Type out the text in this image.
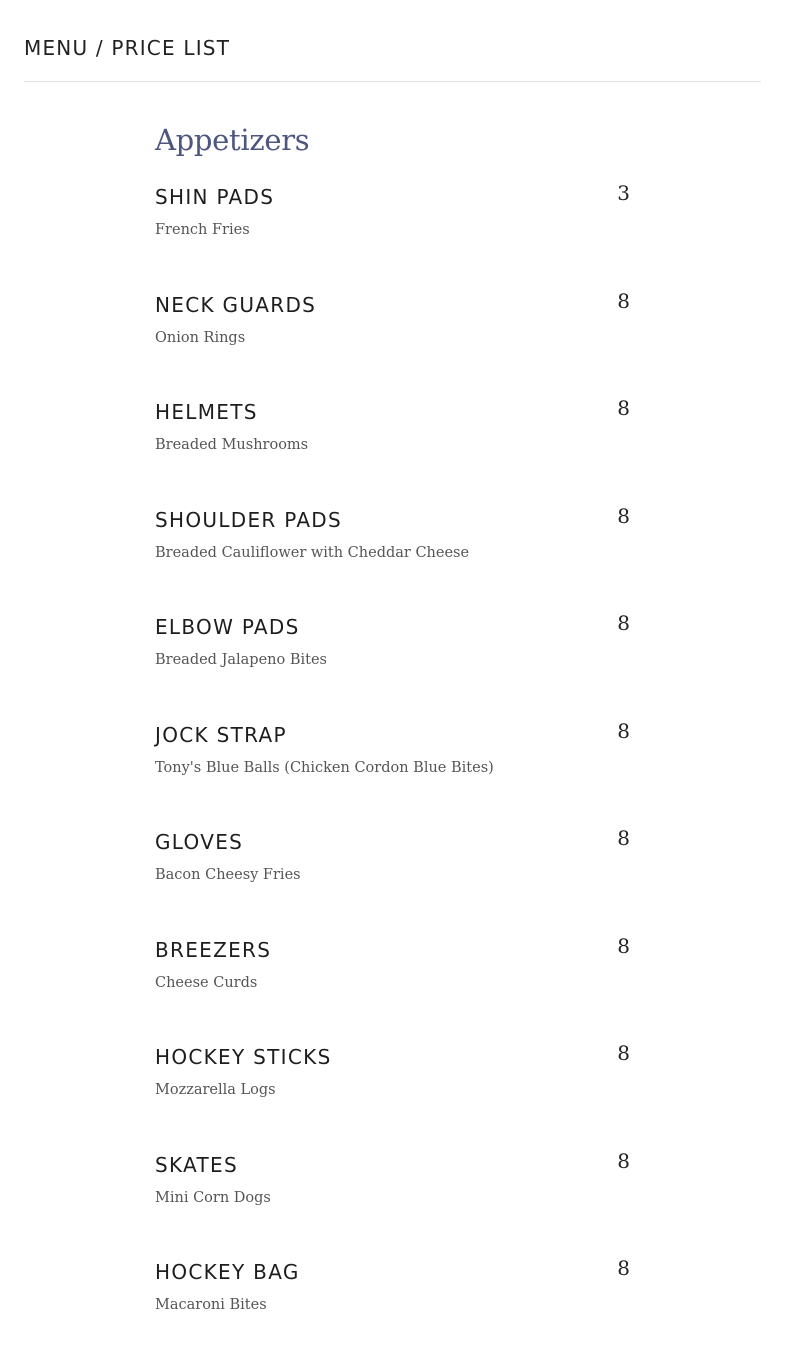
MENU / PRICE LIST
Appetizers
SHIN PADS	3
French Fries
NECK GUARDS	8
Onion Rings
HELMETS	8
Breaded Mushrooms
SHOULDER PADS	8
Breaded Cauliflower with Cheddar Cheese
ELBOW PADS	8
Breaded Jalapeno Bites
JOCK STRAP	8
Tony's Blue Balls (Chicken Cordon Blue Bites)
GLOVES	8
Bacon Cheesy Fries
BREEZERS	8
Cheese Curds
HOCKEY STICKS	8
Mozzarella Logs
SKATES	8
Mini Corn Dogs
HOCKEY BAG	8
Macaroni Bites
